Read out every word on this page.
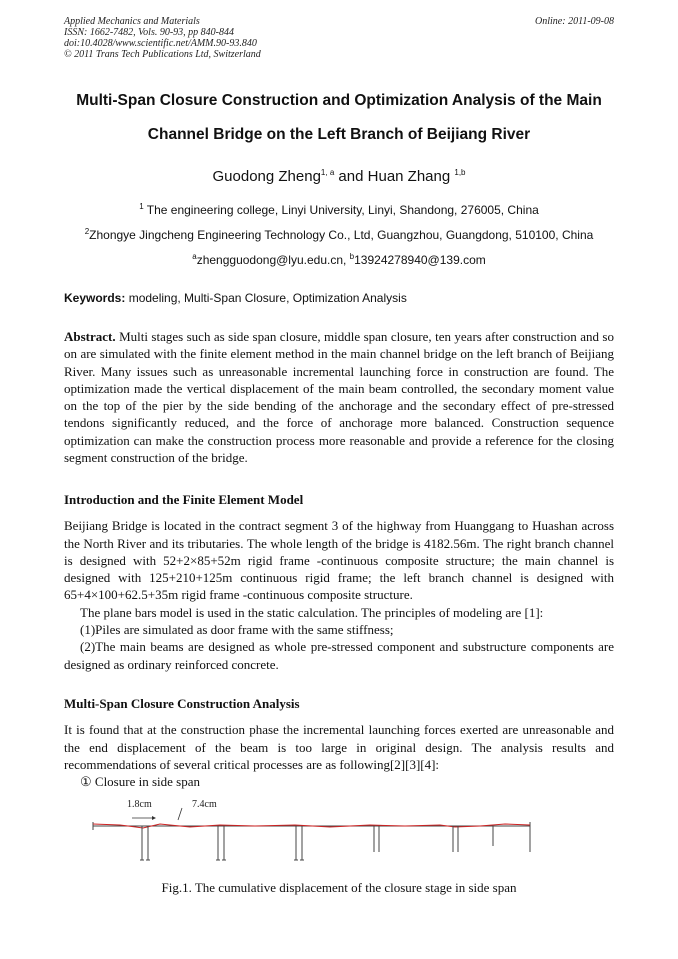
Applied Mechanics and Materials
ISSN: 1662-7482, Vols. 90-93, pp 840-844
doi:10.4028/www.scientific.net/AMM.90-93.840
© 2011 Trans Tech Publications Ltd, Switzerland
Online: 2011-09-08
Multi-Span Closure Construction and Optimization Analysis of the Main
Channel Bridge on the Left Branch of Beijiang River
Guodong Zheng$^{1, a}$ and Huan Zhang $^{1,b}$
$^1$ The engineering college, Linyi University, Linyi, Shandong, 276005, China
$^2$Zhongye Jingcheng Engineering Technology Co., Ltd, Guangzhou, Guangdong, 510100, China
$^a$zhengguodong@lyu.edu.cn, $^b$13924278940@139.com
Keywords: modeling, Multi-Span Closure, Optimization Analysis

Abstract. Multi stages such as side span closure, middle span closure, ten years after construction and so on are simulated with the finite element method in the main channel bridge on the left branch of Beijiang River. Many issues such as unreasonable incremental launching force in construction are found. The optimization made the vertical displacement of the main beam controlled, the secondary moment value on the top of the pier by the side bending of the anchorage and the secondary effect of pre-stressed tendons significantly reduced, and the force of anchorage more balanced. Construction sequence optimization can make the construction process more reasonable and provide a reference for the closing segment construction of the bridge.

Introduction and the Finite Element Model

Beijiang Bridge is located in the contract segment 3 of the highway from Huanggang to Huashan across the North River and its tributaries. The whole length of the bridge is 4182.56m. The right branch channel is designed with 52+2×85+52m rigid frame -continuous composite structure; the main channel is designed with 125+210+125m continuous rigid frame; the left branch channel is designed with 65+4×100+62.5+35m rigid frame -continuous composite structure.

The plane bars model is used in the static calculation. The principles of modeling are [1]:

(1)Piles are simulated as door frame with the same stiffness;

(2)The main beams are designed as whole pre-stressed component and substructure components are designed as ordinary reinforced concrete.

Multi-Span Closure Construction Analysis

It is found that at the construction phase the incremental launching forces exerted are unreasonable and the end displacement of the beam is too large in original design. The analysis results and recommendations of several critical processes are as following[2][3][4]:

① Closure in side span

1.8cm	7.4cm
Fig.1. The cumulative displacement of the closure stage in side span
